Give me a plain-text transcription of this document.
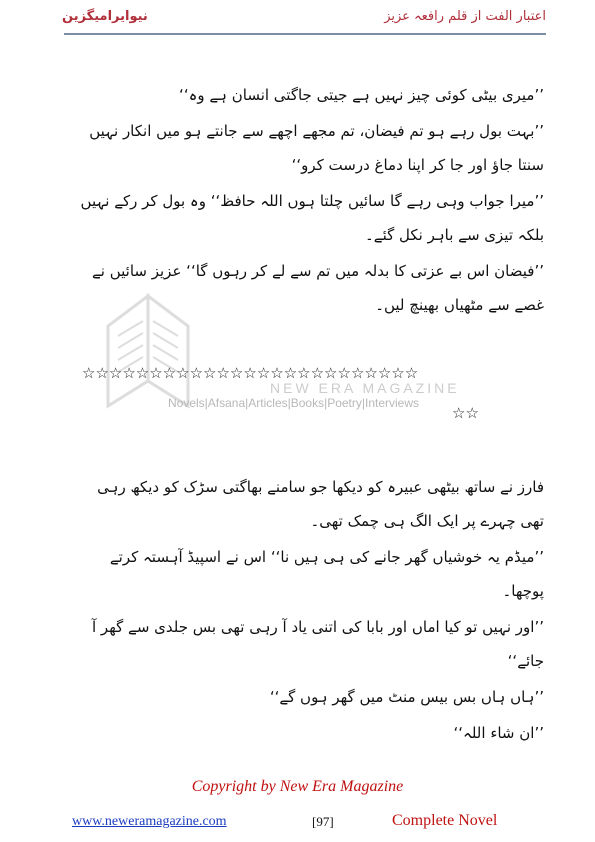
نیوایرامیگزین	اعتبار الفت از قلم رافعہ عزیز
NEW ERA MAGAZINE
Novels|Afsana|Articles|Books|Poetry|Interviews

’’میری بیٹی کوئی چیز نہیں ہے جیتی جاگتی انسان ہے وہ‘‘

’’بہت بول رہے ہو تم فیضان، تم مجھے اچھے سے جانتے ہو میں انکار نہیں سنتا جاؤ اور جا کر اپنا دماغ درست کرو‘‘

’’میرا جواب وہی رہے گا سائیں چلتا ہوں اللہ حافظ‘‘ وہ بول کر رکے نہیں بلکہ تیزی سے باہر نکل گئے۔

’’فیضان اس بے عزتی کا بدلہ میں تم سے لے کر رہوں گا‘‘ عزیز سائیں نے غصے سے مٹھیاں بھینچ لیں۔

☆☆☆☆☆☆☆☆☆☆☆☆☆☆☆☆☆☆☆☆☆☆☆☆☆
☆☆

فارز نے ساتھ بیٹھی عبیرہ کو دیکھا جو سامنے بھاگتی سڑک کو دیکھ رہی تھی چہرے پر ایک الگ ہی چمک تھی۔

’’میڈم یہ خوشیاں گھر جانے کی ہی ہیں نا‘‘ اس نے اسپیڈ آہستہ کرتے پوچھا۔

’’اور نہیں تو کیا اماں اور بابا کی اتنی یاد آ رہی تھی بس جلدی سے گھر آ جائے‘‘

’’ہاں ہاں بس بیس منٹ میں گھر ہوں گے‘‘

’’ان شاء اللہ‘‘

Copyright by New Era Magazine
www.neweramagazine.com	[97]	Complete Novel
